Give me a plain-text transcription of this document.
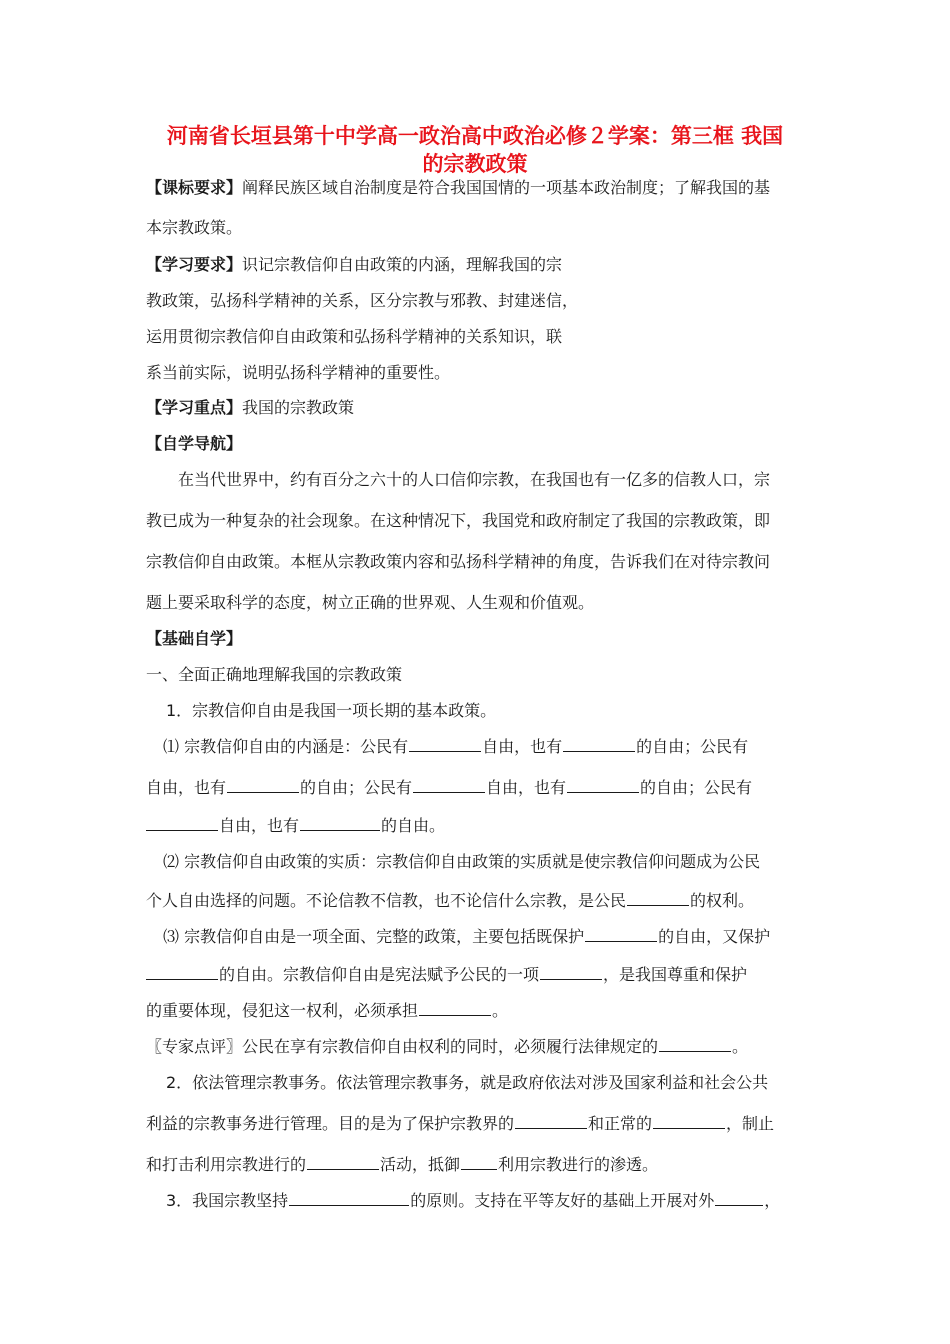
河南省长垣县第十中学高一政治高中政治必修２学案：第三框 我国
的宗教政策
【课标要求】阐释民族区域自治制度是符合我国国情的一项基本政治制度；了解我国的基
本宗教政策。
【学习要求】识记宗教信仰自由政策的内涵，理解我国的宗
教政策，弘扬科学精神的关系，区分宗教与邪教、封建迷信，
运用贯彻宗教信仰自由政策和弘扬科学精神的关系知识，联
系当前实际，说明弘扬科学精神的重要性。
【学习重点】我国的宗教政策
【自学导航】
在当代世界中，约有百分之六十的人口信仰宗教，在我国也有一亿多的信教人口，宗
教已成为一种复杂的社会现象。在这种情况下，我国党和政府制定了我国的宗教政策，即
宗教信仰自由政策。本框从宗教政策内容和弘扬科学精神的角度，告诉我们在对待宗教问
题上要采取科学的态度，树立正确的世界观、人生观和价值观。
【基础自学】
一、全面正确地理解我国的宗教政策
1．宗教信仰自由是我国一项长期的基本政策。
⑴ 宗教信仰自由的内涵是：公民有	自由，也有	的自由；公民有
自由，也有	的自由；公民有	自由，也有	的自由；公民有
自由，也有	的自由。
⑵ 宗教信仰自由政策的实质：宗教信仰自由政策的实质就是使宗教信仰问题成为公民
个人自由选择的问题。不论信教不信教，也不论信什么宗教，是公民	的权利。
⑶ 宗教信仰自由是一项全面、完整的政策，主要包括既保护	的自由，又保护
的自由。宗教信仰自由是宪法赋予公民的一项	，是我国尊重和保护
的重要体现，侵犯这一权利，必须承担	。
〖专家点评〗公民在享有宗教信仰自由权利的同时，必须履行法律规定的	。
2．依法管理宗教事务。依法管理宗教事务，就是政府依法对涉及国家利益和社会公共
利益的宗教事务进行管理。目的是为了保护宗教界的	和正常的	，制止
和打击利用宗教进行的	活动，抵御 利用宗教进行的渗透。
3．我国宗教坚持	的原则。支持在平等友好的基础上开展对外	，
